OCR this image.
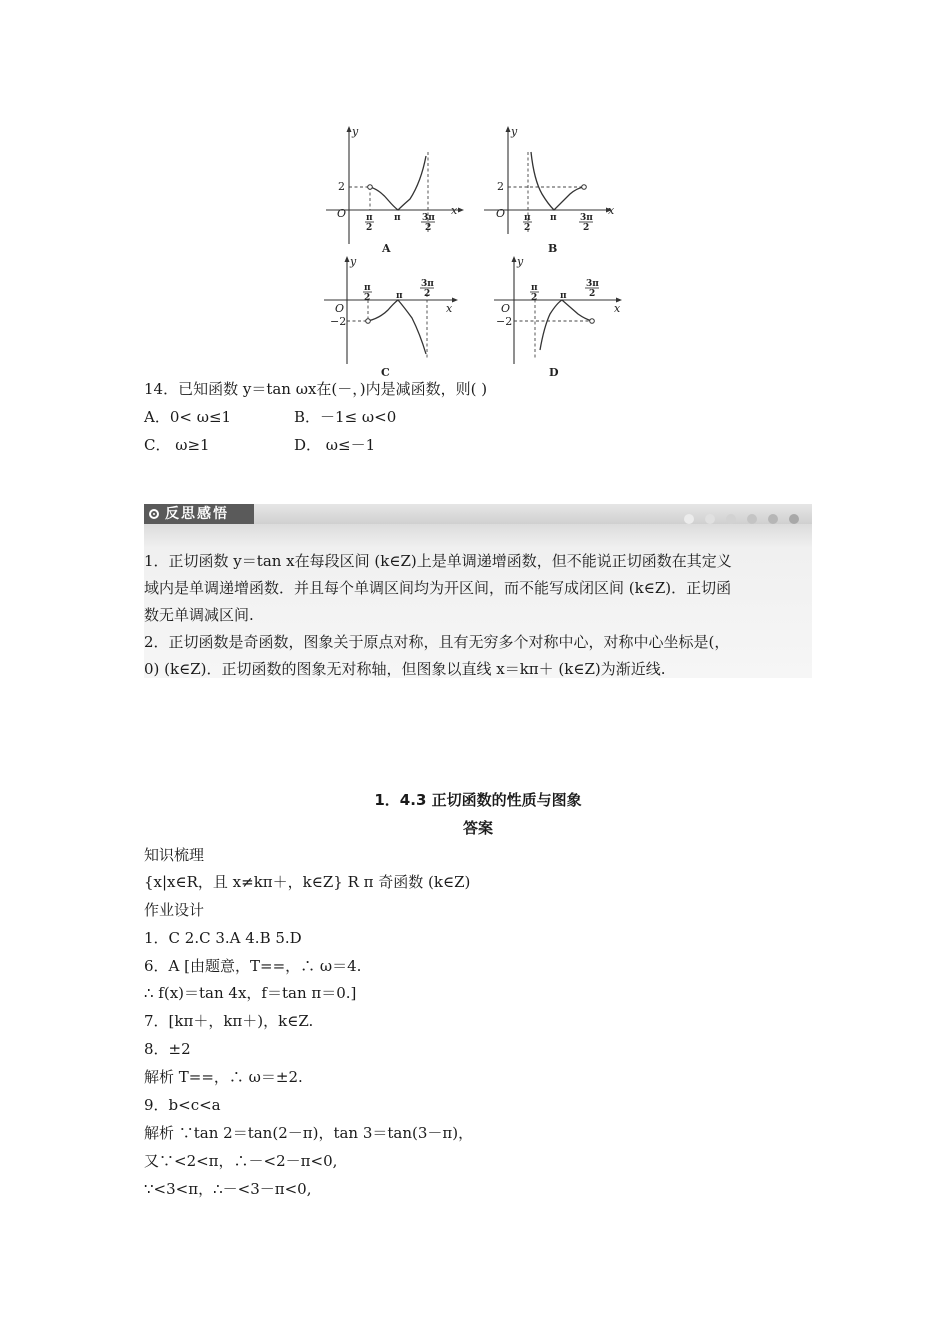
y
x
O
2
π
2
π 3π
2
A
y
x
O
2
π
2
π	3π
2
B
y
x
O
−2
π
2	π
3π
2
C
y
x
O
−2
π
2	π
3π
2
D
14．已知函数 y＝tan ωx在(－，)内是减函数，则( )
A．0< ω≤1	B．－1≤ ω<0
C． ω≥1	D． ω≤－1
反思感悟
1．正切函数 y＝tan x在每段区间 (k∈Z)上是单调递增函数，但不能说正切函数在其定义
域内是单调递增函数．并且每个单调区间均为开区间，而不能写成闭区间 (k∈Z)．正切函
数无单调减区间.
2．正切函数是奇函数，图象关于原点对称，且有无穷多个对称中心，对称中心坐标是(，
0) (k∈Z)．正切函数的图象无对称轴，但图象以直线 x＝kπ＋ (k∈Z)为渐近线.
1．4.3 正切函数的性质与图象
答案
知识梳理
{x|x∈R，且 x≠kπ＋，k∈Z} R π 奇函数 (k∈Z)
作业设计
1．C 2.C 3.A 4.B 5.D
6．A [由题意，T==，∴ ω＝4.
∴ f(x)＝tan 4x，f＝tan π＝0.]
7．[kπ＋，kπ＋)，k∈Z.
8．±2
解析 T==，∴ ω＝±2.
9．b<c<a
解析 ∵tan 2＝tan(2－π)，tan 3＝tan(3－π)，
又∵<2<π，∴－<2－π<0,
∵<3<π，∴－<3－π<0,
